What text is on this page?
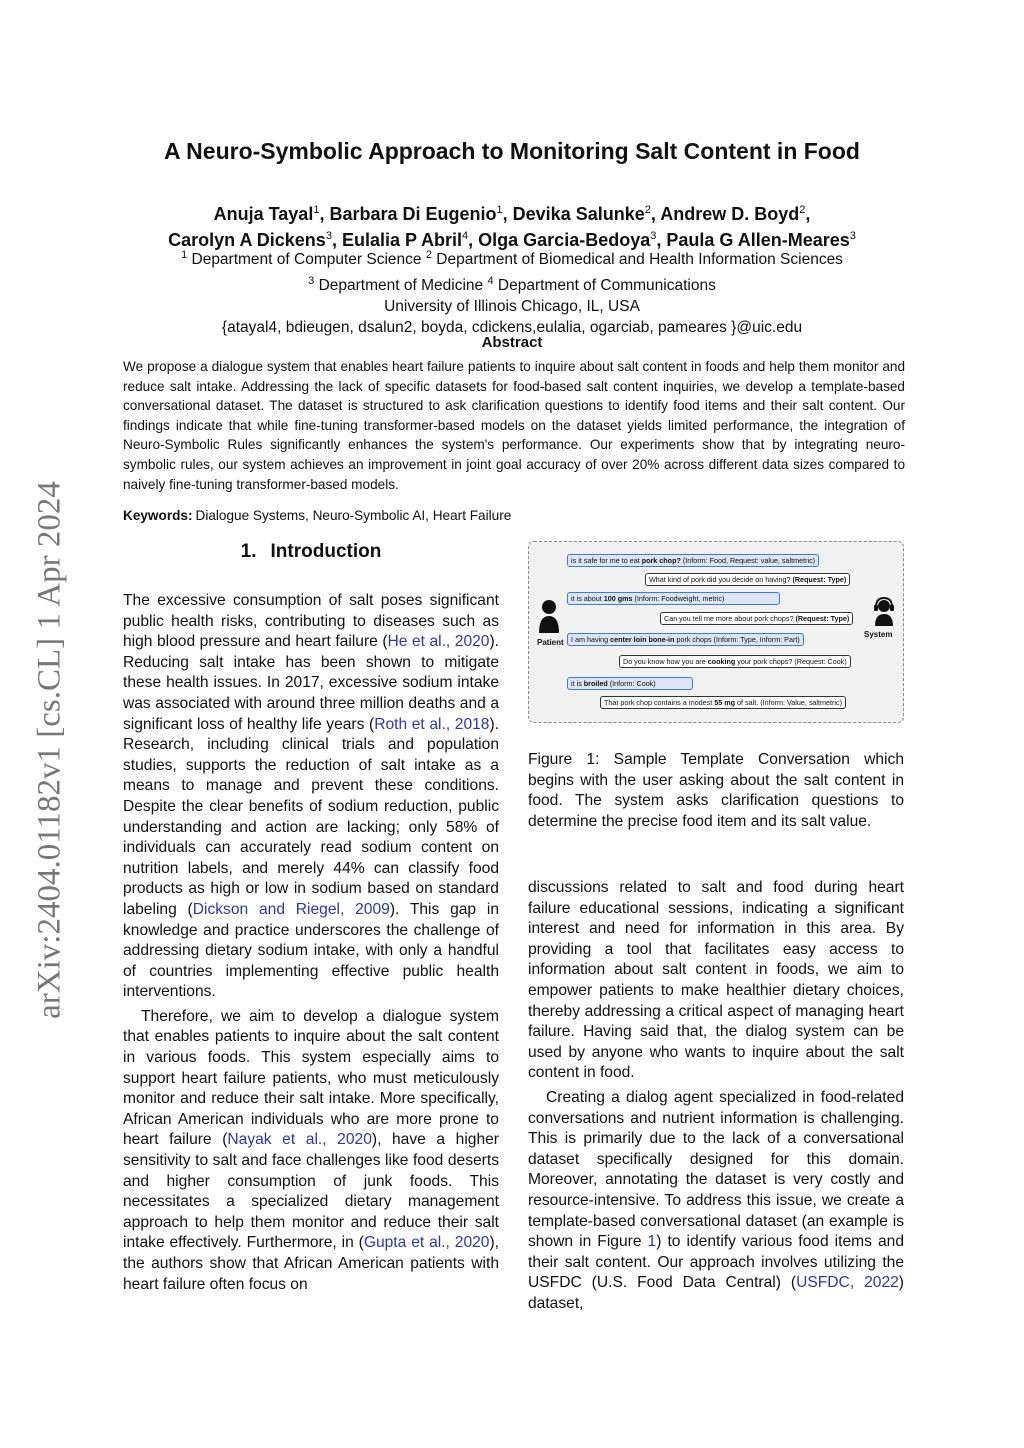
arXiv:2404.01182v1 [cs.CL] 1 Apr 2024
A Neuro-Symbolic Approach to Monitoring Salt Content in Food
Anuja Tayal$^1$, Barbara Di Eugenio$^1$, Devika Salunke$^2$, Andrew D. Boyd$^2$,
Carolyn A Dickens$^3$, Eulalia P Abril$^4$, Olga Garcia-Bedoya$^3$, Paula G Allen-Meares$^3$
$^1$ Department of Computer Science $^2$ Department of Biomedical and Health Information Sciences
$^3$ Department of Medicine $^4$ Department of Communications
University of Illinois Chicago, IL, USA
{atayal4, bdieugen, dsalun2, boyda, cdickens,eulalia, ogarciab, pameares }@uic.edu
Abstract
We propose a dialogue system that enables heart failure patients to inquire about salt content in foods and help them monitor and reduce salt intake. Addressing the lack of specific datasets for food-based salt content inquiries, we develop a template-based conversational dataset. The dataset is structured to ask clarification questions to identify food items and their salt content. Our findings indicate that while fine-tuning transformer-based models on the dataset yields limited performance, the integration of Neuro-Symbolic Rules significantly enhances the system's performance. Our experiments show that by integrating neuro-symbolic rules, our system achieves an improvement in joint goal accuracy of over 20% across different data sizes compared to naively fine-tuning transformer-based models.
Keywords: Dialogue Systems, Neuro-Symbolic AI, Heart Failure
1. Introduction

The excessive consumption of salt poses significant public health risks, contributing to diseases such as high blood pressure and heart failure (He et al., 2020). Reducing salt intake has been shown to mitigate these health issues. In 2017, excessive sodium intake was associated with around three million deaths and a significant loss of healthy life years (Roth et al., 2018). Research, including clinical trials and population studies, supports the reduction of salt intake as a means to manage and prevent these conditions. Despite the clear benefits of sodium reduction, public understanding and action are lacking; only 58% of individuals can accurately read sodium content on nutrition labels, and merely 44% can classify food products as high or low in sodium based on standard labeling (Dickson and Riegel, 2009). This gap in knowledge and practice underscores the challenge of addressing dietary sodium intake, with only a handful of countries implementing effective public health interventions.

Therefore, we aim to develop a dialogue system that enables patients to inquire about the salt content in various foods. This system especially aims to support heart failure patients, who must meticulously monitor and reduce their salt intake. More specifically, African American individuals who are more prone to heart failure (Nayak et al., 2020), have a higher sensitivity to salt and face challenges like food deserts and higher consumption of junk foods. This necessitates a specialized dietary management approach to help them monitor and reduce their salt intake effectively. Furthermore, in (Gupta et al., 2020), the authors show that African American patients with heart failure often focus on

Patient
System
is it safe for me to eat pork chop? (Inform: Food, Request: value, saltmetric)
What kind of pork did you decide on having? (Request: Type)
it is about 100 gms (Inform: Foodweight, metric)
Can you tell me more about pork chops? (Request: Type)
I am having center loin bone-in pork chops (Inform: Type, Inform: Part)
Do you know how you are cooking your pork chops? (Request: Cook)
it is broiled (Inform: Cook)
That pork chop contains a modest 55 mg of salt. (Inform: Value, saltmetric)
Figure 1: Sample Template Conversation which begins with the user asking about the salt content in food. The system asks clarification questions to determine the precise food item and its salt value.

discussions related to salt and food during heart failure educational sessions, indicating a significant interest and need for information in this area. By providing a tool that facilitates easy access to information about salt content in foods, we aim to empower patients to make healthier dietary choices, thereby addressing a critical aspect of managing heart failure. Having said that, the dialog system can be used by anyone who wants to inquire about the salt content in food.

Creating a dialog agent specialized in food-related conversations and nutrient information is challenging. This is primarily due to the lack of a conversational dataset specifically designed for this domain. Moreover, annotating the dataset is very costly and resource-intensive. To address this issue, we create a template-based conversational dataset (an example is shown in Figure 1) to identify various food items and their salt content. Our approach involves utilizing the USFDC (U.S. Food Data Central) (USFDC, 2022) dataset,
